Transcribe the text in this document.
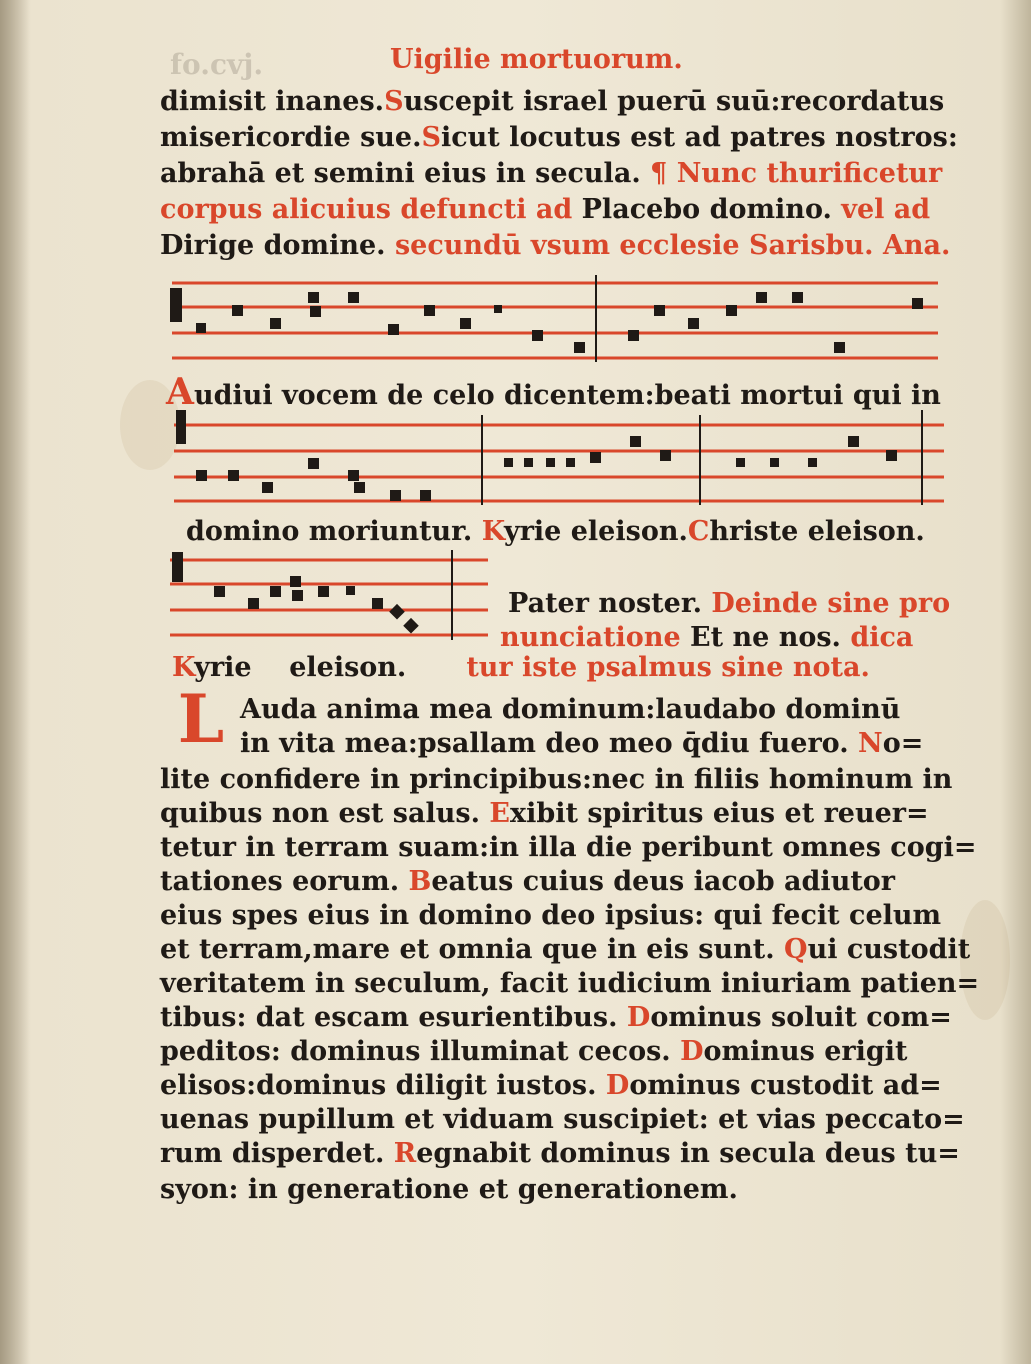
fo.cvj.	Uigilie mortuorum.
dimisit inanes.Suscepit israel puerū suū:recordatus
misericordie sue.Sicut locutus est ad patres nostros:
abrahā et semini eius in secula. ¶ Nunc thurificetur
corpus alicuius defuncti ad Placebo domino. vel ad
Dirige domine. secundū vsum ecclesie Sarisbu. Ana.
Audiui vocem de celo dicentem:beati mortui qui in
domino moriuntur. Kyrie eleison.Christe eleison.
Pater noster. Deinde sine pro
nunciatione Et ne nos. dica
Kyrie    eleison. tur iste psalmus sine nota.
L Auda anima mea dominum:laudabo dominū
in vita mea:psallam deo meo q̄diu fuero. No=
lite confidere in principibus:nec in filiis hominum in
quibus non est salus. Exibit spiritus eius et reuer=
tetur in terram suam:in illa die peribunt omnes cogi=
tationes eorum. Beatus cuius deus iacob adiutor
eius spes eius in domino deo ipsius: qui fecit celum
et terram,mare et omnia que in eis sunt. Qui custodit
veritatem in seculum, facit iudicium iniuriam patien=
tibus: dat escam esurientibus. Dominus soluit com=
peditos: dominus illuminat cecos. Dominus erigit
elisos:dominus diligit iustos. Dominus custodit ad=
uenas pupillum et viduam suscipiet: et vias peccato=
rum disperdet. Regnabit dominus in secula deus tu=
syon: in generatione et generationem.
